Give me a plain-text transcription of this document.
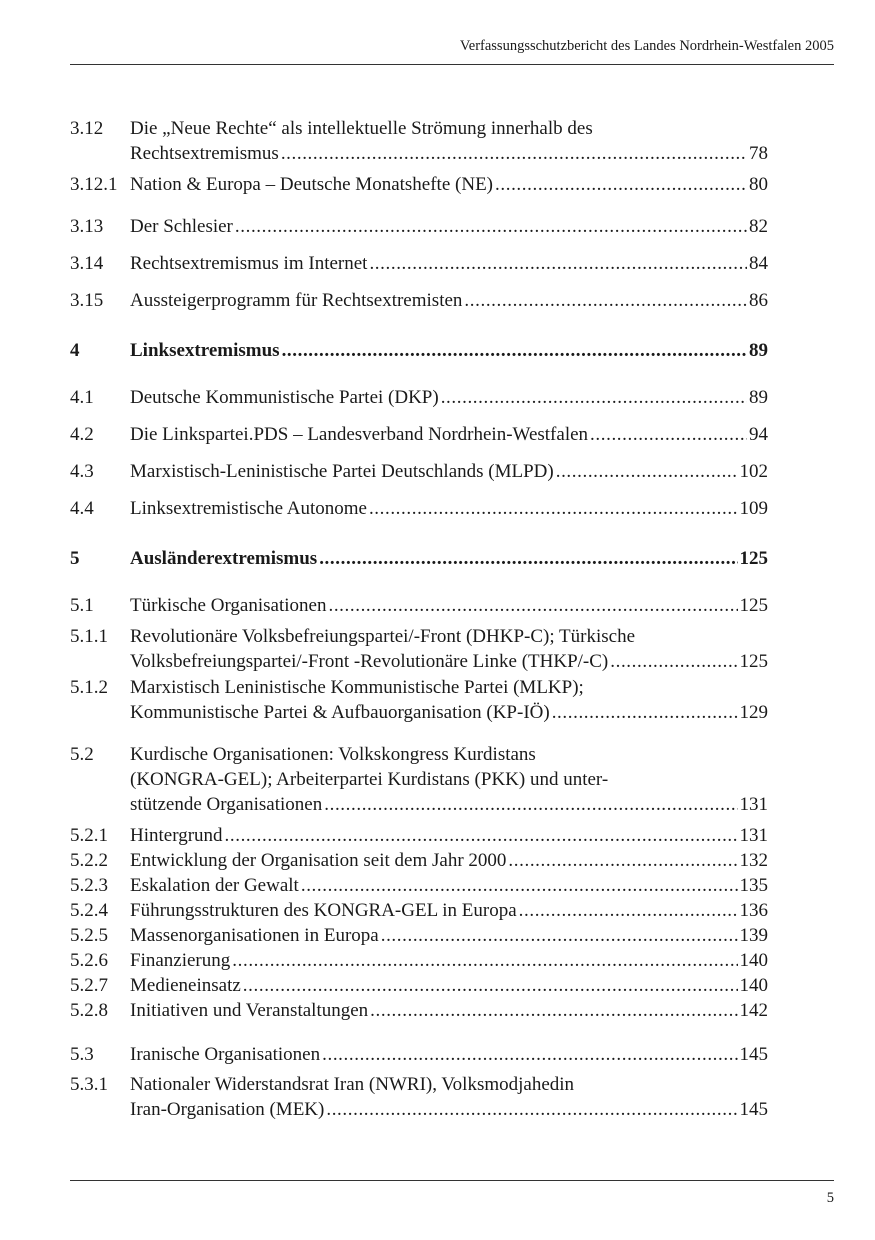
Verfassungsschutzbericht des Landes Nordrhein-Westfalen 2005
3.12 Die „Neue Rechte“ als intellektuelle Strömung innerhalb des
Rechtsextremismus .....	78
3.12.1 Nation & Europa – Deutsche Monatshefte (NE) .....	80
3.13 Der Schlesier .....	82
3.14 Rechtsextremismus im Internet .....	84
3.15 Aussteigerprogramm für Rechtsextremisten .....	86
4	Linksextremismus .....	89
4.1 Deutsche Kommunistische Partei (DKP) .....	89
4.2 Die Linkspartei.PDS – Landesverband Nordrhein-Westfalen .....	94
4.3 Marxistisch-Leninistische Partei Deutschlands (MLPD) .....	102
4.4 Linksextremistische Autonome .....	109
5	Ausländerextremismus .....	125
5.1 Türkische Organisationen .....	125
5.1.1 Revolutionäre Volksbefreiungspartei/-Front (DHKP-C); Türkische
Volksbefreiungspartei/-Front -Revolutionäre Linke (THKP/-C) .....	125
5.1.2 Marxistisch Leninistische Kommunistische Partei (MLKP);
Kommunistische Partei & Aufbauorganisation (KP-IÖ) .....	129
5.2 Kurdische Organisationen: Volkskongress Kurdistans
(KONGRA-GEL); Arbeiterpartei Kurdistans (PKK) und unter-
stützende Organisationen .....	131
5.2.1 Hintergrund .....	131
5.2.2 Entwicklung der Organisation seit dem Jahr 2000 .....	132
5.2.3 Eskalation der Gewalt .....	135
5.2.4 Führungsstrukturen des KONGRA-GEL in Europa .....	136
5.2.5 Massenorganisationen in Europa .....	139
5.2.6 Finanzierung .....	140
5.2.7 Medieneinsatz .....	140
5.2.8 Initiativen und Veranstaltungen .....	142
5.3 Iranische Organisationen .....	145
5.3.1 Nationaler Widerstandsrat Iran (NWRI), Volksmodjahedin
Iran-Organisation (MEK) .....	145
5
